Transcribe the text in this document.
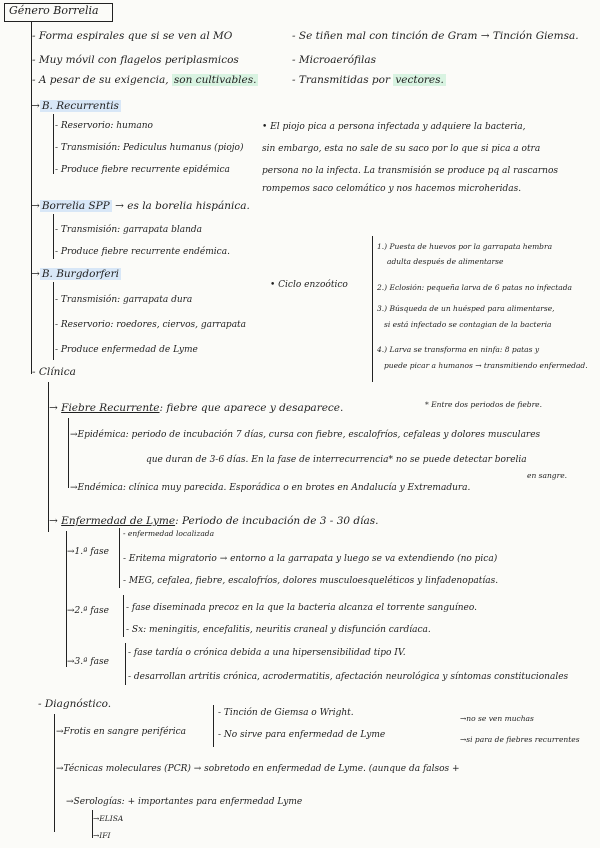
Género Borrelia
- Forma espirales que si se ven al MO
- Muy móvil con flagelos periplasmicos
- A pesar de su exigencia, son cultivables.
- Se tiñen mal con tinción de Gram → Tinción Giemsa.
- Microaerófilas
- Transmitidas por vectores.
→ B. Recurrentis
- Reservorio: humano
- Transmisión: Pediculus humanus (piojo)
- Produce fiebre recurrente epidémica
• El piojo pica a persona infectada y adquiere la bacteria,
sin embargo, esta no sale de su saco por lo que si pica a otra
persona no la infecta. La transmisión se produce pq al rascarnos
rompemos saco celomático y nos hacemos microheridas.
→ Borrelia SPP → es la borelia hispánica.
- Transmisión: garrapata blanda
- Produce fiebre recurrente endémica.
→ B. Burgdorferi
- Transmisión: garrapata dura
- Reservorio: roedores, ciervos, garrapata
- Produce enfermedad de Lyme
• Ciclo enzoótico
1.) Puesta de huevos por la garrapata hembra
adulta después de alimentarse
2.) Eclosión: pequeña larva de 6 patas no infectada
3.) Búsqueda de un huésped para alimentarse,
si está infectado se contagian de la bacteria
4.) Larva se transforma en ninfa: 8 patas y
puede picar a humanos → transmitiendo enfermedad.
- Clínica
→ Fiebre Recurrente: fiebre que aparece y desaparece.	* Entre dos periodos de fiebre.
→Epidémica: periodo de incubación 7 días, cursa con fiebre, escalofríos, cefaleas y dolores musculares
que duran de 3-6 días. En la fase de interrecurrencia* no se puede detectar borelia
en sangre.
→Endémica: clínica muy parecida. Esporádica o en brotes en Andalucía y Extremadura.
→ Enfermedad de Lyme: Periodo de incubación de 3 - 30 días.
→1.ª fase
- enfermedad localizada
- Eritema migratorio → entorno a la garrapata y luego se va extendiendo (no pica)
- MEG, cefalea, fiebre, escalofríos, dolores musculoesqueléticos y linfadenopatías.
→2.ª fase - fase diseminada precoz en la que la bacteria alcanza el torrente sanguíneo.
- Sx: meningitis, encefalitis, neuritis craneal y disfunción cardíaca.
→3.ª fase
- fase tardía o crónica debida a una hipersensibilidad tipo IV.
- desarrollan artritis crónica, acrodermatitis, afectación neurológica y síntomas constitucionales
- Diagnóstico.
→Frotis en sangre periférica
- Tinción de Giemsa o Wright.
- No sirve para enfermedad de Lyme
→no se ven muchas
→si para de fiebres recurrentes
→Técnicas moleculares (PCR) → sobretodo en enfermedad de Lyme. (aunque da falsos +
→Serologías: + importantes para enfermedad Lyme
→ELISA
→IFI
